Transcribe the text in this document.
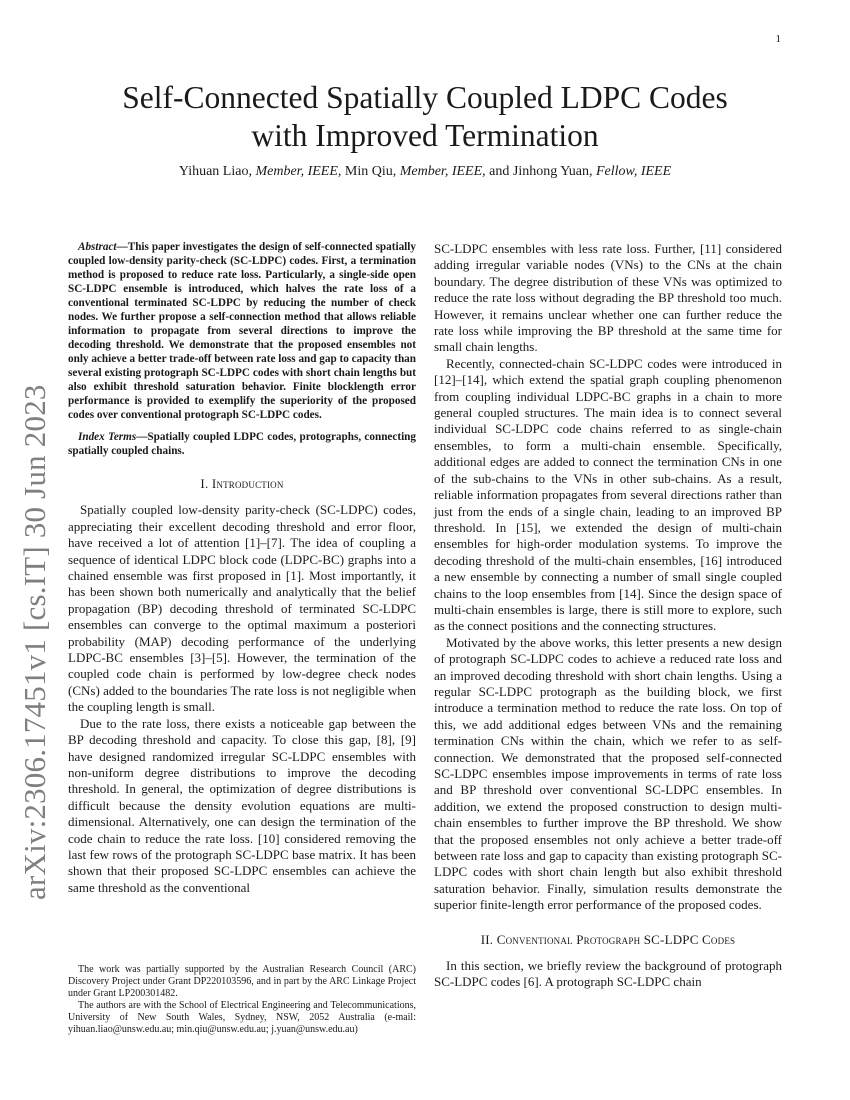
1
arXiv:2306.17451v1 [cs.IT] 30 Jun 2023
Self-Connected Spatially Coupled LDPC Codes
with Improved Termination
Yihuan Liao, Member, IEEE, Min Qiu, Member, IEEE, and Jinhong Yuan, Fellow, IEEE

Abstract—This paper investigates the design of self-connected spatially coupled low-density parity-check (SC-LDPC) codes. First, a termination method is proposed to reduce rate loss. Particularly, a single-side open SC-LDPC ensemble is introduced, which halves the rate loss of a conventional terminated SC-LDPC by reducing the number of check nodes. We further propose a self-connection method that allows reliable information to propagate from several directions to improve the decoding threshold. We demonstrate that the proposed ensembles not only achieve a better trade-off between rate loss and gap to capacity than several existing protograph SC-LDPC codes with short chain lengths but also exhibit threshold saturation behavior. Finite blocklength error performance is provided to exemplify the superiority of the proposed codes over conventional protograph SC-LDPC codes.

Index Terms—Spatially coupled LDPC codes, protographs, connecting spatially coupled chains.

I. Introduction

Spatially coupled low-density parity-check (SC-LDPC) codes, appreciating their excellent decoding threshold and error floor, have received a lot of attention [1]–[7]. The idea of coupling a sequence of identical LDPC block code (LDPC-BC) graphs into a chained ensemble was first proposed in [1]. Most importantly, it has been shown both numerically and analytically that the belief propagation (BP) decoding threshold of terminated SC-LDPC ensembles can converge to the optimal maximum a posteriori probability (MAP) decoding performance of the underlying LDPC-BC ensembles [3]–[5]. However, the termination of the coupled code chain is performed by low-degree check nodes (CNs) added to the boundaries The rate loss is not negligible when the coupling length is small.

Due to the rate loss, there exists a noticeable gap between the BP decoding threshold and capacity. To close this gap, [8], [9] have designed randomized irregular SC-LDPC ensembles with non-uniform degree distributions to improve the decoding threshold. In general, the optimization of degree distributions is difficult because the density evolution equations are multi-dimensional. Alternatively, one can design the termination of the code chain to reduce the rate loss. [10] considered removing the last few rows of the protograph SC-LDPC base matrix. It has been shown that their proposed SC-LDPC ensembles can achieve the same threshold as the conventional

The work was partially supported by the Australian Research Council (ARC) Discovery Project under Grant DP220103596, and in part by the ARC Linkage Project under Grant LP200301482.

The authors are with the School of Electrical Engineering and Telecommunications, University of New South Wales, Sydney, NSW, 2052 Australia (e-mail: yihuan.liao@unsw.edu.au; min.qiu@unsw.edu.au; j.yuan@unsw.edu.au)

SC-LDPC ensembles with less rate loss. Further, [11] considered adding irregular variable nodes (VNs) to the CNs at the chain boundary. The degree distribution of these VNs was optimized to reduce the rate loss without degrading the BP threshold too much. However, it remains unclear whether one can further reduce the rate loss while improving the BP threshold at the same time for small chain lengths.

Recently, connected-chain SC-LDPC codes were introduced in [12]–[14], which extend the spatial graph coupling phenomenon from coupling individual LDPC-BC graphs in a chain to more general coupled structures. The main idea is to connect several individual SC-LDPC code chains referred to as single-chain ensembles, to form a multi-chain ensemble. Specifically, additional edges are added to connect the termination CNs in one of the sub-chains to the VNs in other sub-chains. As a result, reliable information propagates from several directions rather than just from the ends of a single chain, leading to an improved BP threshold. In [15], we extended the design of multi-chain ensembles for high-order modulation systems. To improve the decoding threshold of the multi-chain ensembles, [16] introduced a new ensemble by connecting a number of small single coupled chains to the loop ensembles from [14]. Since the design space of multi-chain ensembles is large, there is still more to explore, such as the connect positions and the connecting structures.

Motivated by the above works, this letter presents a new design of protograph SC-LDPC codes to achieve a reduced rate loss and an improved decoding threshold with short chain lengths. Using a regular SC-LDPC protograph as the building block, we first introduce a termination method to reduce the rate loss. On top of this, we add additional edges between VNs and the remaining termination CNs within the chain, which we refer to as self-connection. We demonstrated that the proposed self-connected SC-LDPC ensembles impose improvements in terms of rate loss and BP threshold over conventional SC-LDPC ensembles. In addition, we extend the proposed construction to design multi-chain ensembles to further improve the BP threshold. We show that the proposed ensembles not only achieve a better trade-off between rate loss and gap to capacity than existing protograph SC-LDPC codes with short chain length but also exhibit threshold saturation behavior. Finally, simulation results demonstrate the superior finite-length error performance of the proposed codes.

II. Conventional Protograph SC-LDPC Codes

In this section, we briefly review the background of protograph SC-LDPC codes [6]. A protograph SC-LDPC chain
